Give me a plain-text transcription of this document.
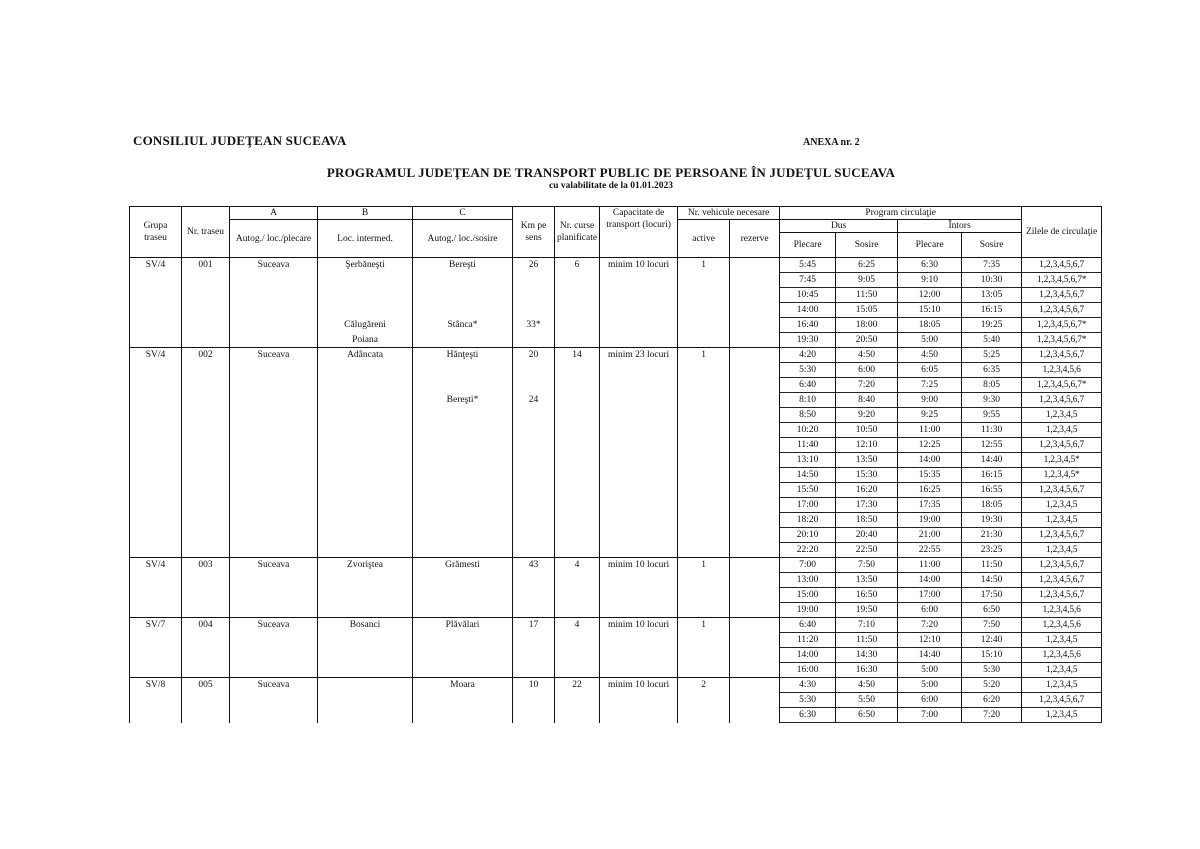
CONSILIUL JUDEŢEAN SUCEAVA	ANEXA nr. 2
PROGRAMUL JUDEŢEAN DE TRANSPORT PUBLIC DE PERSOANE ÎN JUDEŢUL SUCEAVA
cu valabilitate de la 01.01.2023
Grupa traseu	Nr. traseu	A	B	C	Km pe sens	Nr. curse planificate	Capacitate de transport (locuri)	Nr. vehicule necesare		Program circulaţie				Zilele de circulaţie
		Autog./ loc./plecare	Loc. intermed.	Autog./ loc./sosire				active	rezerve	Dus		Întors		
										Plecare	Sosire	Plecare	Sosire	
SV/4	001	Suceava	Şerbăneşti	Bereşti	26	6	minim 10 locuri	1		5:45	6:25	6:30	7:35	1,2,3,4,5,6,7
										7:45	9:05	9:10	10:30	1,2,3,4,5,6,7*
										10:45	11:50	12:00	13:05	1,2,3,4,5,6,7
										14:00	15:05	15:10	16:15	1,2,3,4,5,6,7
			Călugăreni	Stânca*	33*					16:40	18:00	18:05	19:25	1,2,3,4,5,6,7*
			Poiana							19:30	20:50	5:00	5:40	1,2,3,4,5,6,7*
SV/4	002	Suceava	Adâncata	Hănţeşti	20	14	minim 23 locuri	1		4:20	4:50	4:50	5:25	1,2,3,4,5,6,7
										5:30	6:00	6:05	6:35	1,2,3,4,5,6
										6:40	7:20	7:25	8:05	1,2,3,4,5,6,7*
				Bereşti*	24					8:10	8:40	9:00	9:30	1,2,3,4,5,6,7
										8:50	9:20	9:25	9:55	1,2,3,4,5
										10:20	10:50	11:00	11:30	1,2,3,4,5
										11:40	12:10	12:25	12:55	1,2,3,4,5,6,7
										13:10	13:50	14:00	14:40	1,2,3,4,5*
										14:50	15:30	15:35	16:15	1,2,3,4,5*
										15:50	16:20	16:25	16:55	1,2,3,4,5,6,7
										17:00	17:30	17:35	18:05	1,2,3,4,5
										18:20	18:50	19:00	19:30	1,2,3,4,5
										20:10	20:40	21:00	21:30	1,2,3,4,5,6,7
										22:20	22:50	22:55	23:25	1,2,3,4,5
SV/4	003	Suceava	Zvoriştea	Grămesti	43	4	minim 10 locuri	1		7:00	7:50	11:00	11:50	1,2,3,4,5,6,7
										13:00	13:50	14:00	14:50	1,2,3,4,5,6,7
										15:00	16:50	17:00	17:50	1,2,3,4,5,6,7
										19:00	19:50	6:00	6:50	1,2,3,4,5,6
SV/7	004	Suceava	Bosanci	Plăvălari	17	4	minim 10 locuri	1		6:40	7:10	7:20	7:50	1,2,3,4,5,6
										11:20	11:50	12:10	12:40	1,2,3,4,5
										14:00	14:30	14:40	15:10	1,2,3,4,5,6
										16:00	16:30	5:00	5:30	1,2,3,4,5
SV/8	005	Suceava		Moara	10	22	minim 10 locuri	2		4:30	4:50	5:00	5:20	1,2,3,4,5
										5:30	5:50	6:00	6:20	1,2,3,4,5,6,7
										6:30	6:50	7:00	7:20	1,2,3,4,5
